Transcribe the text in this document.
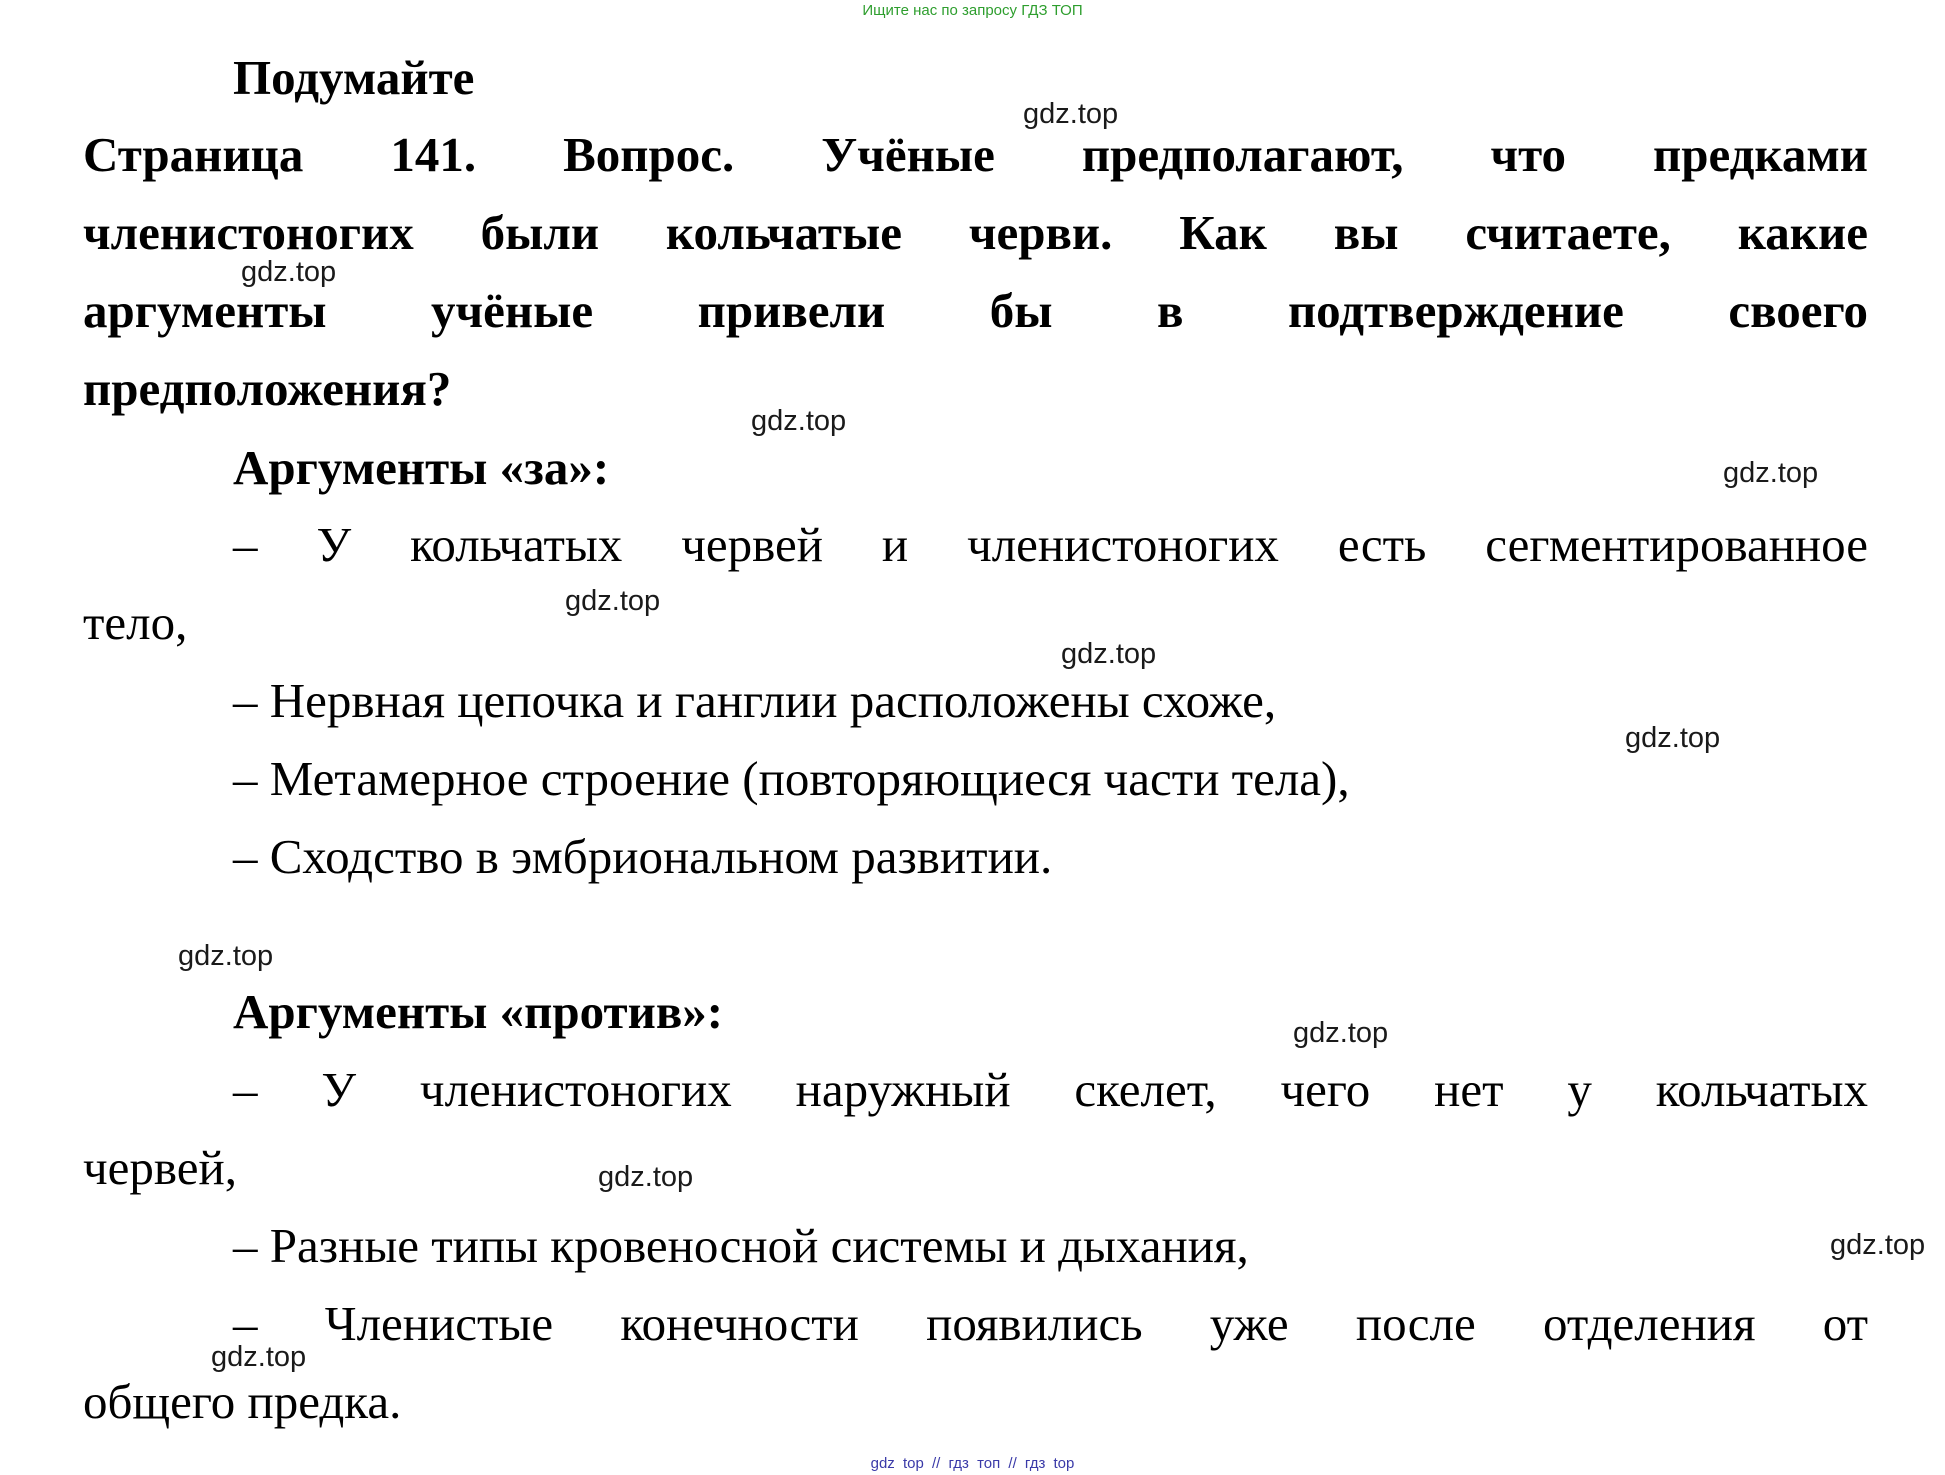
Ищите нас по запросу ГДЗ ТОП
Подумайте
Страница 141. Вопрос. Учёные предполагают, что предками
членистоногих были кольчатые черви. Как вы считаете, какие
аргументы учёные привели бы в подтверждение своего
предположения?
Аргументы «за»:
– У кольчатых червей и членистоногих есть сегментированное
тело,
– Нервная цепочка и ганглии расположены схоже,
– Метамерное строение (повторяющиеся части тела),
– Сходство в эмбриональном развитии.
Аргументы «против»:
– У членистоногих наружный скелет, чего нет у кольчатых
червей,
– Разные типы кровеносной системы и дыхания,
– Членистые конечности появились уже после отделения от
общего предка.
gdz.top
gdz.top
gdz.top
gdz.top
gdz.top
gdz.top
gdz.top
gdz.top
gdz.top
gdz.top
gdz.top
gdz.top
gdz top // гдз топ // гдз top
